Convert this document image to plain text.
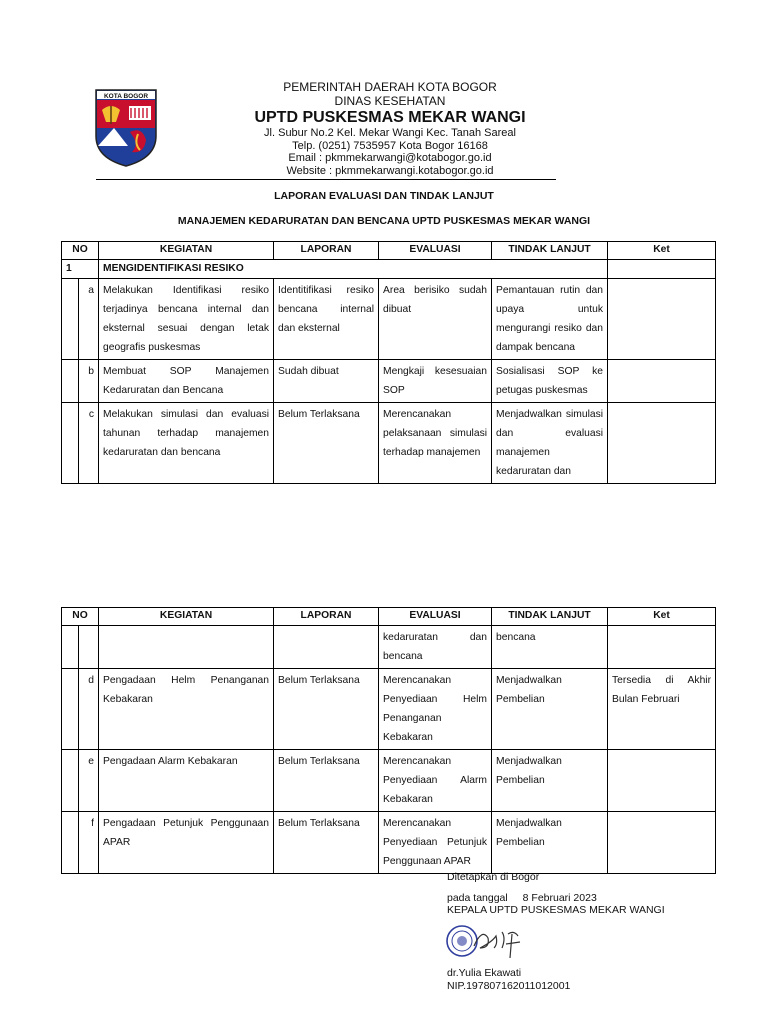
KOTA BOGOR
PEMERINTAH DAERAH KOTA BOGOR
DINAS KESEHATAN
UPTD PUSKESMAS MEKAR WANGI
Jl. Subur No.2 Kel. Mekar Wangi Kec. Tanah Sareal
Telp. (0251) 7535957 Kota Bogor 16168
Email : pkmmekarwangi@kotabogor.go.id
Website : pkmmekarwangi.kotabogor.go.id
LAPORAN EVALUASI DAN TINDAK LANJUT
MANAJEMEN KEDARURATAN DAN BENCANA UPTD PUSKESMAS MEKAR WANGI
NO		KEGIATAN	LAPORAN	EVALUASI	TINDAK LANJUT	Ket
1		MENGIDENTIFIKASI RESIKO				
	a	Melakukan Identifikasi resiko terjadinya bencana internal dan eksternal sesuai dengan letak geografis puskesmas	Identitifikasi resiko bencana internal dan eksternal	Area berisiko sudah dibuat	Pemantauan rutin dan upaya untuk mengurangi resiko dan dampak bencana	
	b	Membuat SOP Manajemen Kedaruratan dan Bencana	Sudah dibuat	Mengkaji kesesuaian SOP	Sosialisasi SOP ke petugas puskesmas	
	c	Melakukan simulasi dan evaluasi tahunan terhadap manajemen kedaruratan dan bencana	Belum Terlaksana	Merencanakan pelaksanaan simulasi terhadap manajemen	Menjadwalkan simulasi dan evaluasi manajemen kedaruratan dan	
NO		KEGIATAN	LAPORAN	EVALUASI	TINDAK LANJUT	Ket
				kedaruratan dan bencana	bencana	
	d	Pengadaan Helm Penanganan Kebakaran	Belum Terlaksana	Merencanakan Penyediaan Helm Penanganan Kebakaran	Menjadwalkan Pembelian	Tersedia di Akhir Bulan Februari
	e	Pengadaan Alarm Kebakaran	Belum Terlaksana	Merencanakan Penyediaan Alarm Kebakaran	Menjadwalkan Pembelian	
	f	Pengadaan Petunjuk Penggunaan APAR	Belum Terlaksana	Merencanakan Penyediaan Petunjuk Penggunaan APAR	Menjadwalkan Pembelian	
Ditetapkan di Bogor
pada tanggal 8 Februari 2023
KEPALA UPTD PUSKESMAS MEKAR WANGI
dr.Yulia Ekawati
NIP.197807162011012001
